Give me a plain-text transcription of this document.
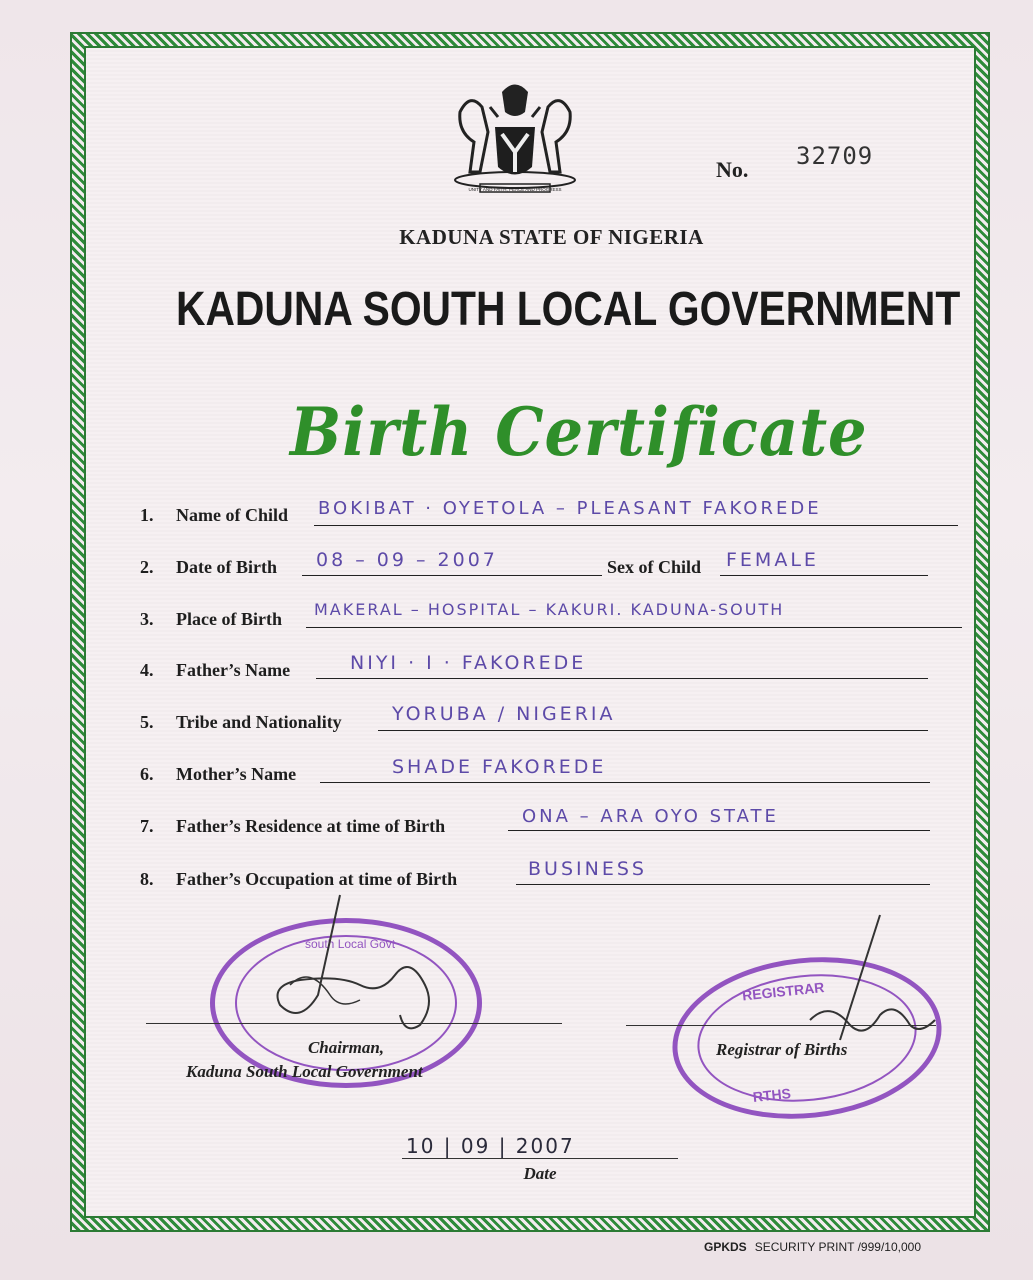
UNITY AND FAITH, PEACE AND PROGRESS
No. 32709
KADUNA STATE OF NIGERIA
KADUNA SOUTH LOCAL GOVERNMENT
Birth Certificate
1. Name of Child BOKIBAT · OYETOLA – PLEASANT FAKOREDE
2. Date of Birth 08 – 09 – 2007	Sex of Child FEMALE
3. Place of Birth MAKERAL – HOSPITAL – KAKURI. KADUNA-SOUTH
4. Father’s Name	NIYI · I · FAKOREDE
5. Tribe and Nationality	YORUBA / NIGERIA
6. Mother’s Name	SHADE FAKOREDE
7. Father’s Residence at time of Birth	ONA – ARA OYO STATE
8. Father’s Occupation at time of Birth	BUSINESS
south Local Govt
REGISTRAR
RTHS
Chairman,
Kaduna South Local Government
Registrar of Births
10 | 09 | 2007
Date
GPKDS SECURITY PRINT /999/10,000
